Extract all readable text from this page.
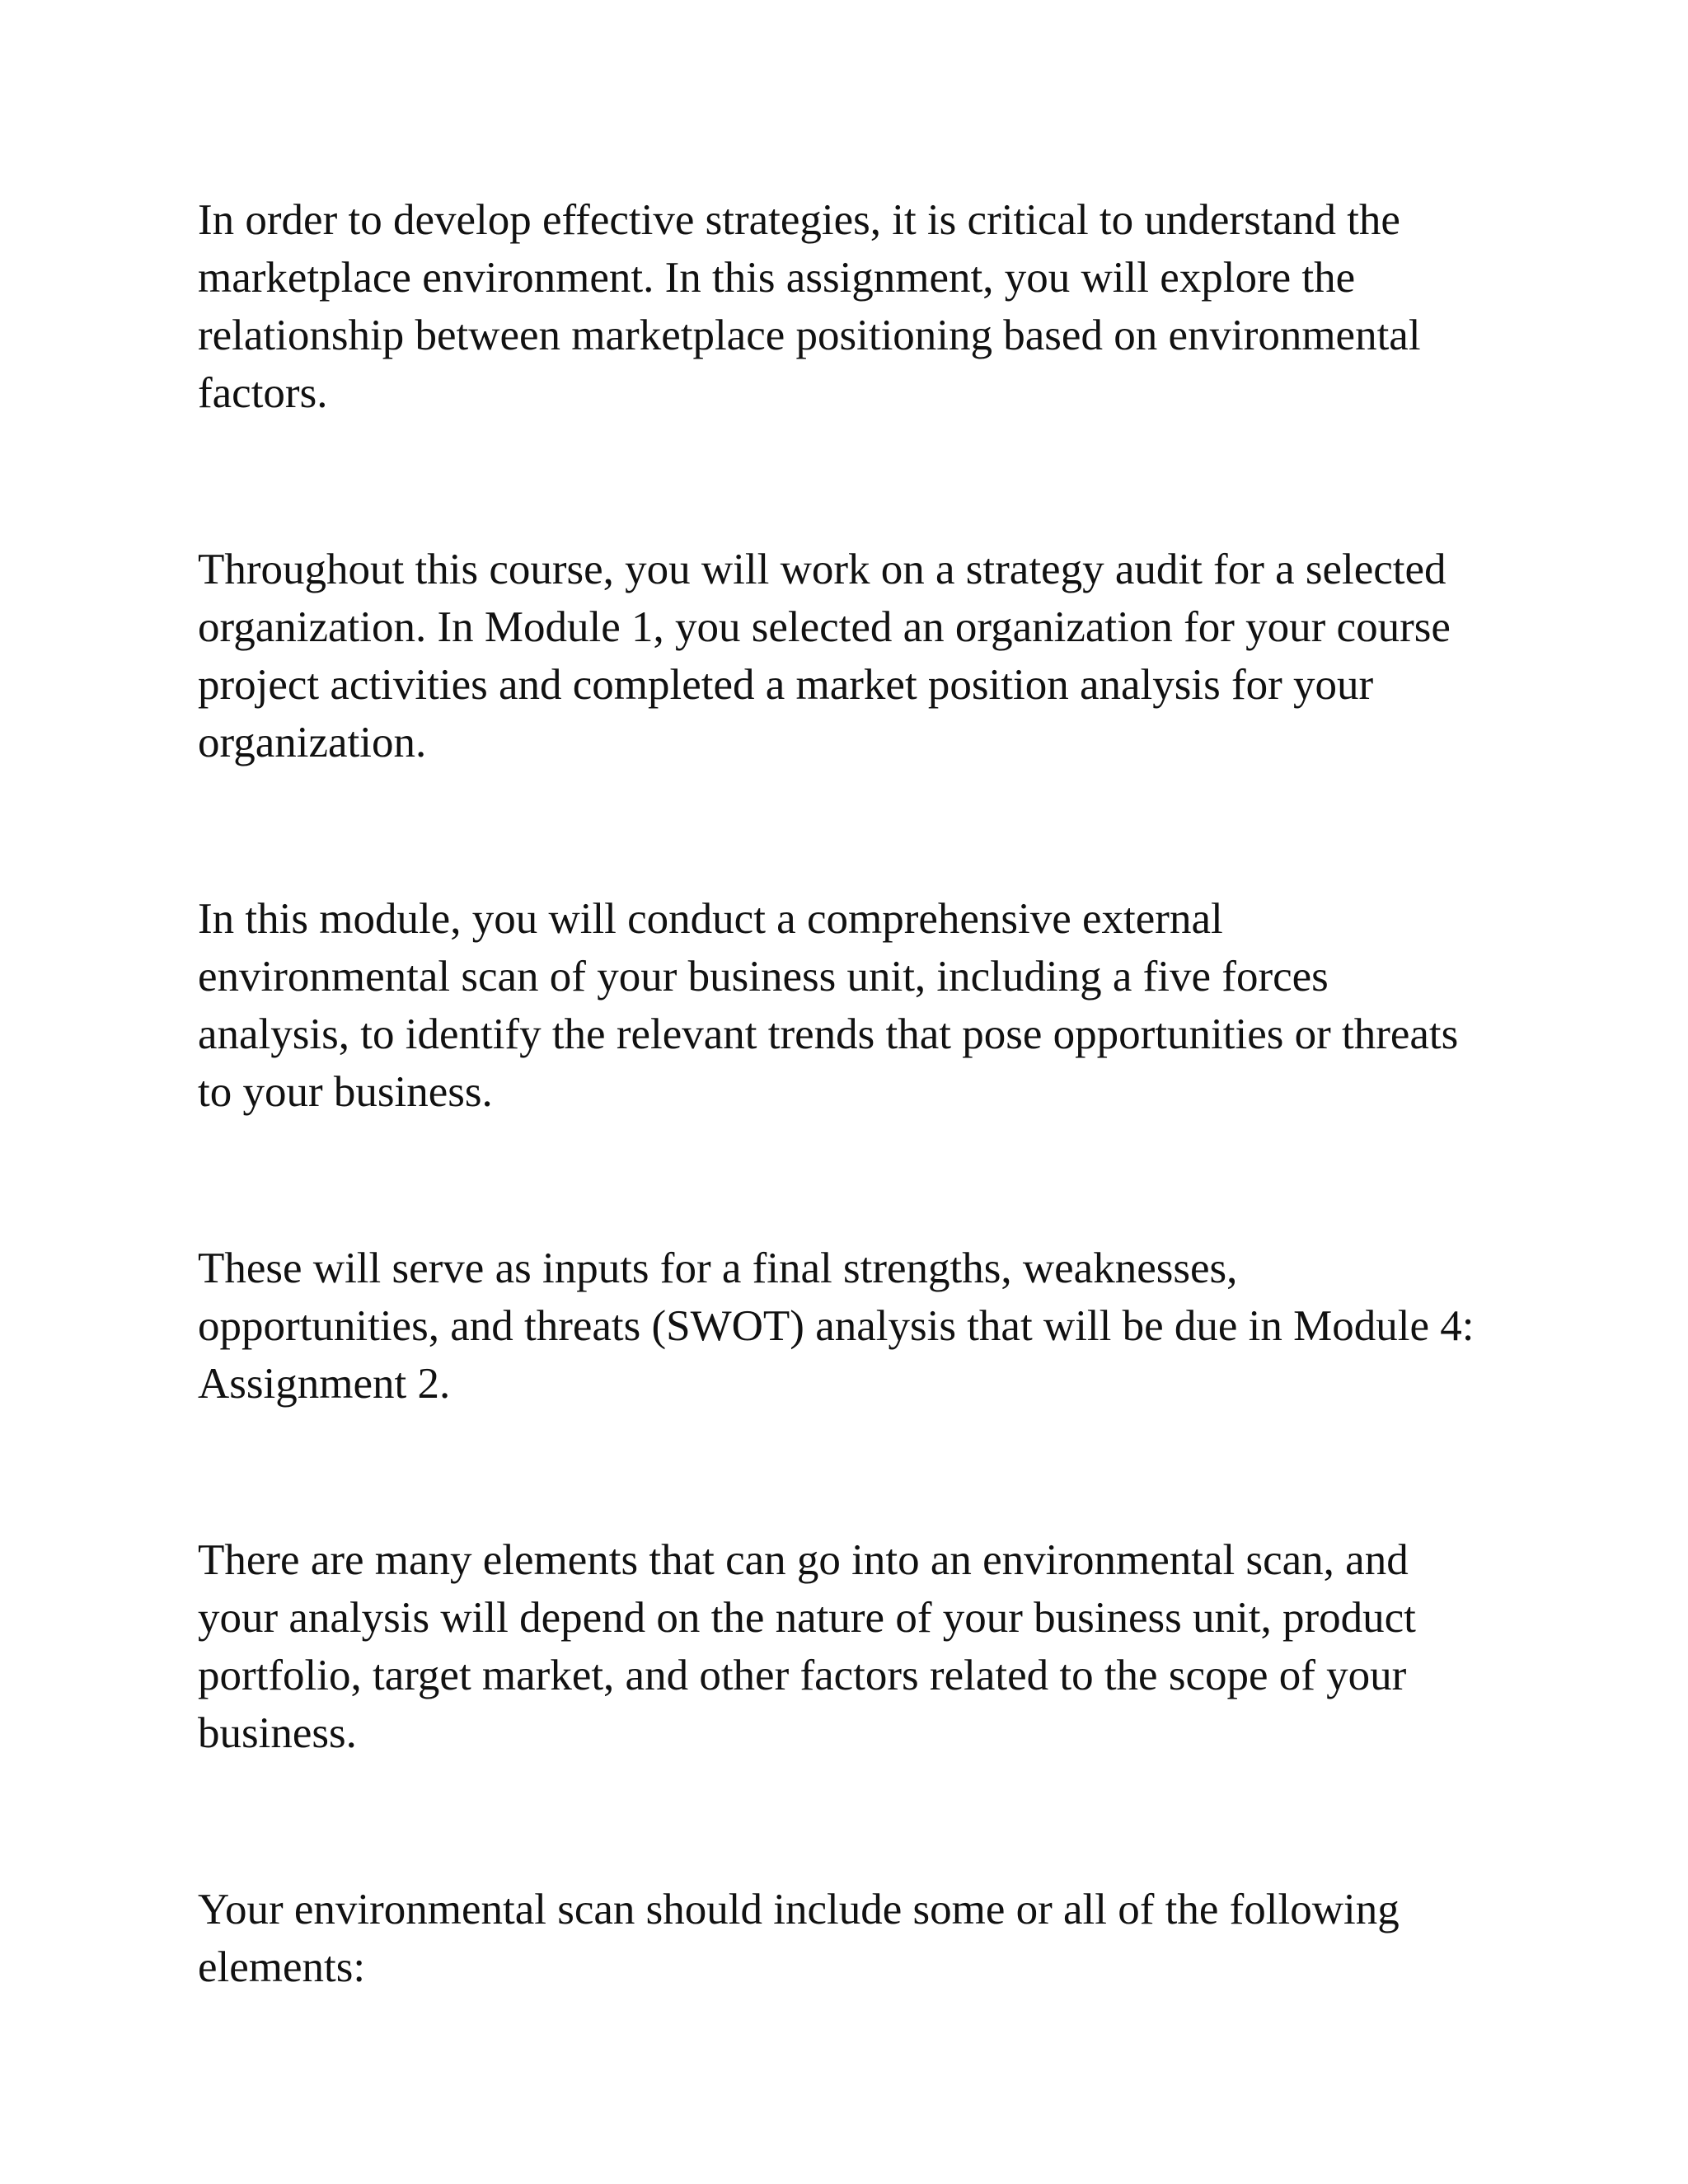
In order to develop effective strategies, it is critical to understand the
marketplace environment. In this assignment, you will explore the
relationship between marketplace positioning based on environmental
factors.

Throughout this course, you will work on a strategy audit for a selected
organization. In Module 1, you selected an organization for your course
project activities and completed a market position analysis for your
organization.

In this module, you will conduct a comprehensive external
environmental scan of your business unit, including a five forces
analysis, to identify the relevant trends that pose opportunities or threats
to your business.

These will serve as inputs for a final strengths, weaknesses,
opportunities, and threats (SWOT) analysis that will be due in Module 4:
Assignment 2.

There are many elements that can go into an environmental scan, and
your analysis will depend on the nature of your business unit, product
portfolio, target market, and other factors related to the scope of your
business.

Your environmental scan should include some or all of the following
elements:
